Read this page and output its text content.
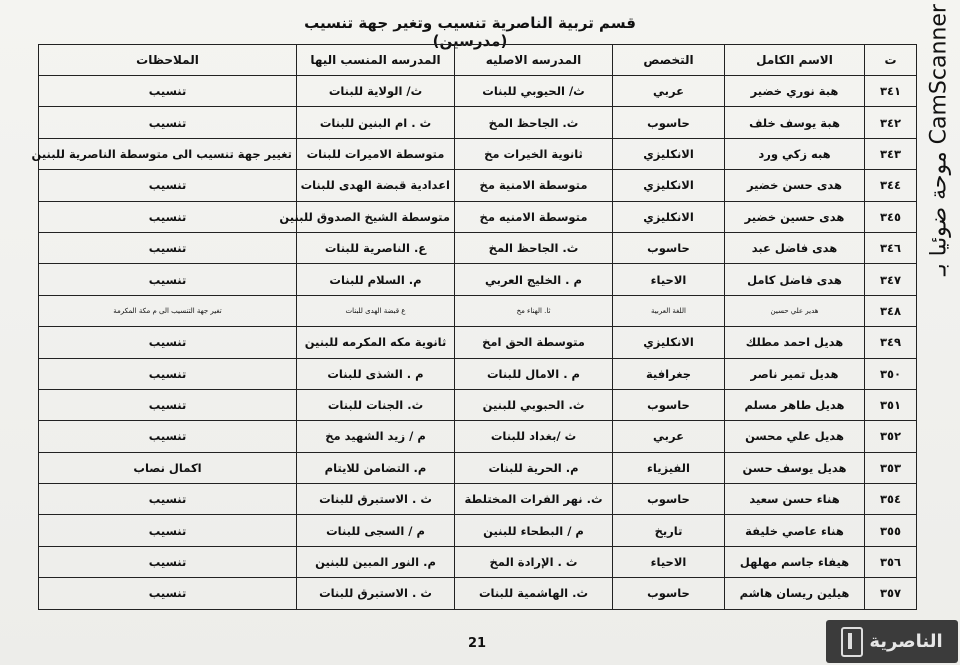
قسم تربية الناصرية تنسيب وتغير جهة تنسيب (مدرسين)
ت	الاسم الكامل	التخصص	المدرسه الاصليه	المدرسه المنسب اليها	الملاحظات
٣٤١	هبة نوري خضير	عربي	ث/ الحيوبي للبنات	ث/ الولاية للبنات	تنسيب
٣٤٢	هبة يوسف خلف	حاسوب	ث. الجاحظ المخ	ث . ام البنين للبنات	تنسيب
٣٤٣	هبه زكي ورد	الانكليزي	ثانوية الخيرات مخ	متوسطة الاميرات للبنات	تغيير جهة تنسيب الى متوسطة الناصرية للبنين
٣٤٤	هدى حسن خضير	الانكليزي	متوسطة الامنية مخ	اعدادية قبضة الهدى للبنات	تنسيب
٣٤٥	هدى حسين خضير	الانكليزي	متوسطة الامنيه مخ	متوسطة الشيخ الصدوق للبنين	تنسيب
٣٤٦	هدى فاضل عبد	حاسوب	ث. الجاحظ المخ	ع. الناصرية للبنات	تنسيب
٣٤٧	هدى فاضل كامل	الاحياء	م . الخليج العربي	م. السلام للبنات	تنسيب
٣٤٨	هدير علي حسين	اللغة العربية	ثا. الهناء مخ	ع قبضة الهدى للبنات	تغير جهة التنسيب الى م مكة المكرمة
٣٤٩	هديل احمد مطلك	الانكليزي	متوسطة الحق امخ	ثانوية مكه المكرمه للبنين	تنسيب
٣٥٠	هديل تمير ناصر	جغرافية	م . الامال للبنات	م . الشذى للبنات	تنسيب
٣٥١	هديل طاهر مسلم	حاسوب	ث. الحبوبي للبنين	ث. الجنات للبنات	تنسيب
٣٥٢	هديل علي محسن	عربي	ث /بغداد للبنات	م / زيد الشهيد مخ	تنسيب
٣٥٣	هديل يوسف حسن	الفيزياء	م. الحرية للبنات	م. التضامن للايتام	اكمال نصاب
٣٥٤	هناء حسن سعيد	حاسوب	ث. نهر الفرات المختلطة	ث . الاستبرق للبنات	تنسيب
٣٥٥	هناء عاصي خليفة	تاريخ	م / البطحاء للبنين	م / السجى للبنات	تنسيب
٣٥٦	هيفاء جاسم مهلهل	الاحياء	ث . الإرادة المخ	م. النور المبين للبنين	تنسيب
٣٥٧	هيلين ريسان هاشم	حاسوب	ث. الهاشمية للبنات	ث . الاستبرق للبنات	تنسيب
21
CamScanner موحة ضوئيا بـ
الناصرية
